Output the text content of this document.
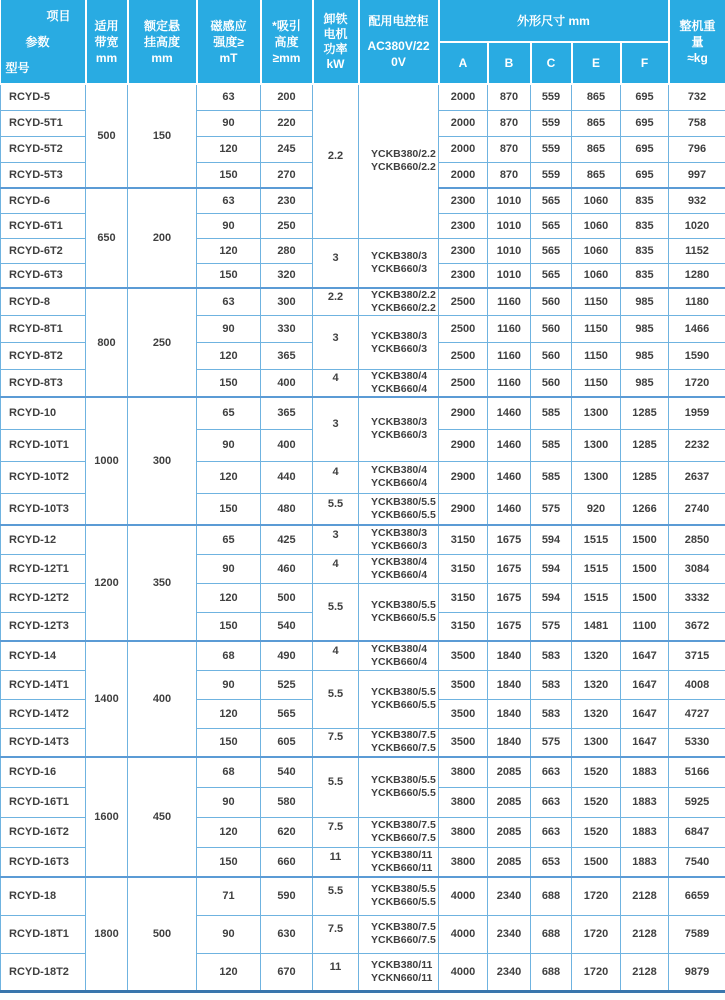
项目
参数
型号

适用
带宽
mm

额定悬
挂高度
mm

磁感应
强度≥
mT

*吸引
高度
≥mm

卸铁
电机
功率
kW

配用电控柜
AC380V/22
0V
	外形尺寸 mm	整机重
量
≈kg

							A	B	C	E	F	
RCYD-5	500	150	63	200	2.2	YCKB380/2.2
YCKB660/2.2	2000	870	559	865	695	732
RCYD-5T1			90	220			2000	870	559	865	695	758
RCYD-5T2			120	245			2000	870	559	865	695	796
RCYD-5T3			150	270			2000	870	559	865	695	997
RCYD-6	650	200	63	230			2300	1010	565	1060	835	932
RCYD-6T1			90	250			2300	1010	565	1060	835	1020
RCYD-6T2			120	280	3	YCKB380/3
YCKB660/3	2300	1010	565	1060	835	1152
RCYD-6T3			150	320			2300	1010	565	1060	835	1280
RCYD-8	800	250	63	300	2.2	YCKB380/2.2
YCKB660/2.2	2500	1160	560	1150	985	1180
RCYD-8T1			90	330	3	YCKB380/3
YCKB660/3	2500	1160	560	1150	985	1466
RCYD-8T2			120	365			2500	1160	560	1150	985	1590
RCYD-8T3			150	400	4	YCKB380/4
YCKB660/4	2500	1160	560	1150	985	1720
RCYD-10	1000	300	65	365	3	YCKB380/3
YCKB660/3	2900	1460	585	1300	1285	1959
RCYD-10T1			90	400			2900	1460	585	1300	1285	2232
RCYD-10T2			120	440	4	YCKB380/4
YCKB660/4	2900	1460	585	1300	1285	2637
RCYD-10T3			150	480	5.5	YCKB380/5.5
YCKB660/5.5	2900	1460	575	920	1266	2740
RCYD-12	1200	350	65	425	3	YCKB380/3
YCKB660/3	3150	1675	594	1515	1500	2850
RCYD-12T1			90	460	4	YCKB380/4
YCKB660/4	3150	1675	594	1515	1500	3084
RCYD-12T2			120	500	5.5	YCKB380/5.5
YCKB660/5.5	3150	1675	594	1515	1500	3332
RCYD-12T3			150	540			3150	1675	575	1481	1100	3672
RCYD-14	1400	400	68	490	4	YCKB380/4
YCKB660/4	3500	1840	583	1320	1647	3715
RCYD-14T1			90	525	5.5	YCKB380/5.5
YCKB660/5.5	3500	1840	583	1320	1647	4008
RCYD-14T2			120	565			3500	1840	583	1320	1647	4727
RCYD-14T3			150	605	7.5	YCKB380/7.5
YCKB660/7.5	3500	1840	575	1300	1647	5330
RCYD-16	1600	450	68	540	5.5	YCKB380/5.5
YCKB660/5.5	3800	2085	663	1520	1883	5166
RCYD-16T1			90	580			3800	2085	663	1520	1883	5925
RCYD-16T2			120	620	7.5	YCKB380/7.5
YCKB660/7.5	3800	2085	663	1520	1883	6847
RCYD-16T3			150	660	11	YCKB380/11
YCKB660/11	3800	2085	653	1500	1883	7540
RCYD-18	1800	500	71	590	5.5	YCKB380/5.5
YCKB660/5.5	4000	2340	688	1720	2128	6659
RCYD-18T1			90	630	7.5	YCKB380/7.5
YCKB660/7.5	4000	2340	688	1720	2128	7589
RCYD-18T2			120	670	11	YCKB380/11
YCKN660/11	4000	2340	688	1720	2128	9879
